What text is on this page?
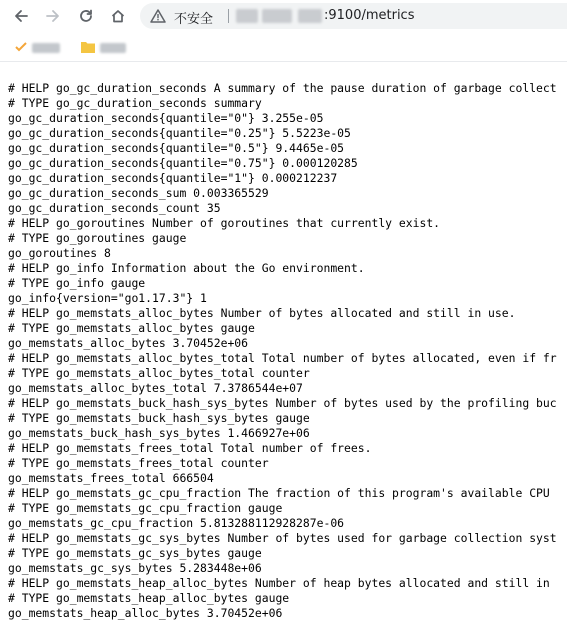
不安全	:9100/metrics
# HELP go_gc_duration_seconds A summary of the pause duration of garbage collect
# TYPE go_gc_duration_seconds summary
go_gc_duration_seconds{quantile="0"} 3.255e-05
go_gc_duration_seconds{quantile="0.25"} 5.5223e-05
go_gc_duration_seconds{quantile="0.5"} 9.4465e-05
go_gc_duration_seconds{quantile="0.75"} 0.000120285
go_gc_duration_seconds{quantile="1"} 0.000212237
go_gc_duration_seconds_sum 0.003365529
go_gc_duration_seconds_count 35
# HELP go_goroutines Number of goroutines that currently exist.
# TYPE go_goroutines gauge
go_goroutines 8
# HELP go_info Information about the Go environment.
# TYPE go_info gauge
go_info{version="go1.17.3"} 1
# HELP go_memstats_alloc_bytes Number of bytes allocated and still in use.
# TYPE go_memstats_alloc_bytes gauge
go_memstats_alloc_bytes 3.70452e+06
# HELP go_memstats_alloc_bytes_total Total number of bytes allocated, even if fr
# TYPE go_memstats_alloc_bytes_total counter
go_memstats_alloc_bytes_total 7.3786544e+07
# HELP go_memstats_buck_hash_sys_bytes Number of bytes used by the profiling buc
# TYPE go_memstats_buck_hash_sys_bytes gauge
go_memstats_buck_hash_sys_bytes 1.466927e+06
# HELP go_memstats_frees_total Total number of frees.
# TYPE go_memstats_frees_total counter
go_memstats_frees_total 666504
# HELP go_memstats_gc_cpu_fraction The fraction of this program's available CPU
# TYPE go_memstats_gc_cpu_fraction gauge
go_memstats_gc_cpu_fraction 5.813288112928287e-06
# HELP go_memstats_gc_sys_bytes Number of bytes used for garbage collection syst
# TYPE go_memstats_gc_sys_bytes gauge
go_memstats_gc_sys_bytes 5.283448e+06
# HELP go_memstats_heap_alloc_bytes Number of heap bytes allocated and still in
# TYPE go_memstats_heap_alloc_bytes gauge
go_memstats_heap_alloc_bytes 3.70452e+06
